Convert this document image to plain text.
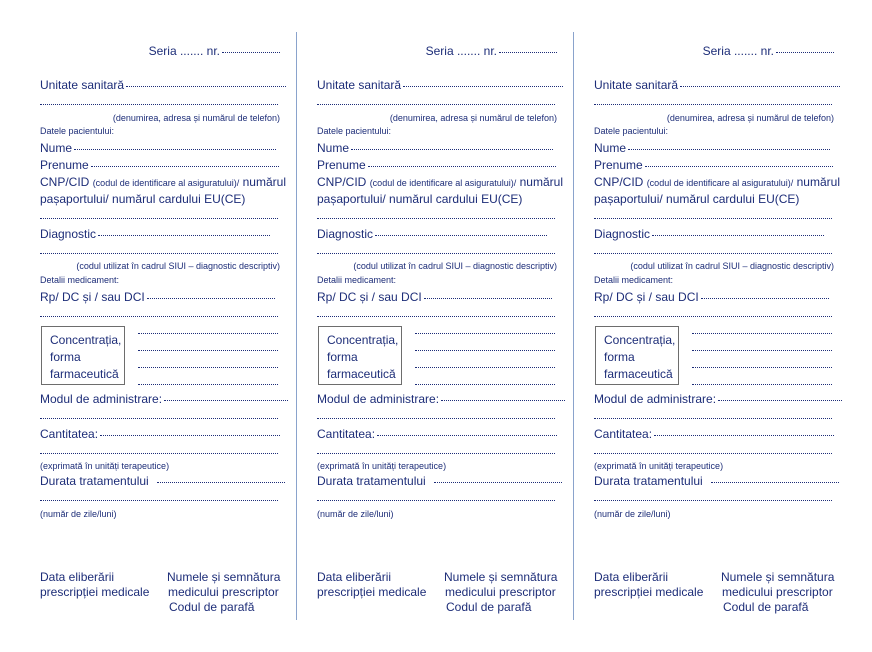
Seria ....... nr.
Unitate sanitară
(denumirea, adresa și numărul de telefon)
Datele pacientului:
Nume
Prenume
CNP/CID (codul de identificare al asiguratului)/ numărul
pașaportului/ numărul cardului EU(CE)
Diagnostic
(codul utilizat în cadrul SIUI – diagnostic descriptiv)
Detalii medicament:
Rp/ DC și / sau DCI
Concentrația,
forma
farmaceutică
Modul de administrare:
Cantitatea:
(exprimată în unități terapeutice)
Durata tratamentului
(număr de zile/luni)
Data eliberării
prescripției medicale
Numele și semnătura
medicului prescriptor
Codul de parafă
Seria ....... nr.
Unitate sanitară
(denumirea, adresa și numărul de telefon)
Datele pacientului:
Nume
Prenume
CNP/CID (codul de identificare al asiguratului)/ numărul
pașaportului/ numărul cardului EU(CE)
Diagnostic
(codul utilizat în cadrul SIUI – diagnostic descriptiv)
Detalii medicament:
Rp/ DC și / sau DCI
Concentrația,
forma
farmaceutică
Modul de administrare:
Cantitatea:
(exprimată în unități terapeutice)
Durata tratamentului
(număr de zile/luni)
Data eliberării
prescripției medicale
Numele și semnătura
medicului prescriptor
Codul de parafă
Seria ....... nr.
Unitate sanitară
(denumirea, adresa și numărul de telefon)
Datele pacientului:
Nume
Prenume
CNP/CID (codul de identificare al asiguratului)/ numărul
pașaportului/ numărul cardului EU(CE)
Diagnostic
(codul utilizat în cadrul SIUI – diagnostic descriptiv)
Detalii medicament:
Rp/ DC și / sau DCI
Concentrația,
forma
farmaceutică
Modul de administrare:
Cantitatea:
(exprimată în unități terapeutice)
Durata tratamentului
(număr de zile/luni)
Data eliberării
prescripției medicale
Numele și semnătura
medicului prescriptor
Codul de parafă
